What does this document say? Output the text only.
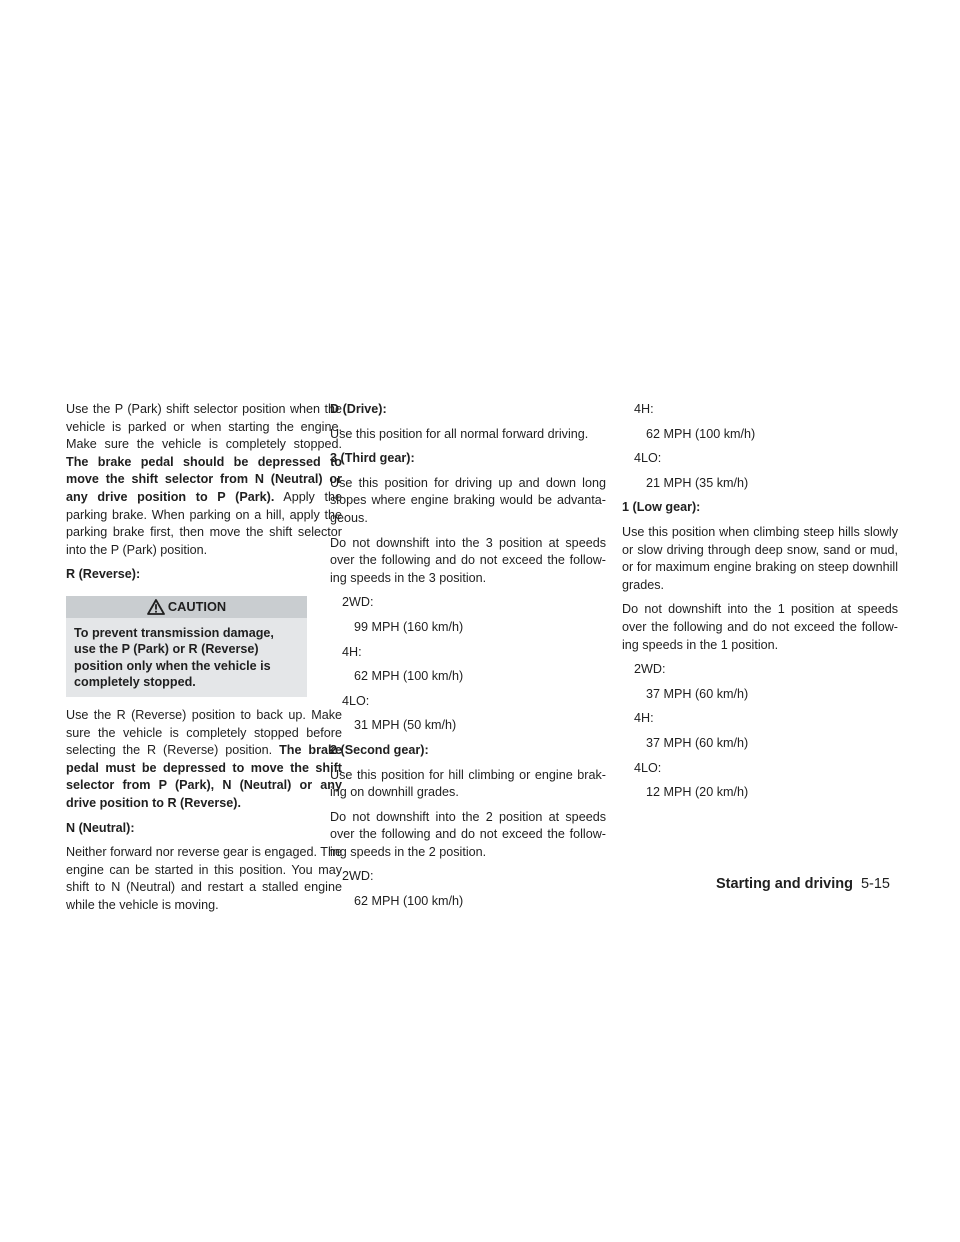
Use the P (Park) shift selector position when the vehicle is parked or when starting the engine. Make sure the vehicle is completely stopped. The brake pedal should be depressed to move the shift selector from N (Neutral) or any drive position to P (Park). Apply the parking brake. When parking on a hill, apply the parking brake first, then move the shift selector into the P (Park) position.

R (Reverse):

CAUTION
To prevent transmission damage, use the P (Park) or R (Reverse) position only when the vehicle is completely stopped.

Use the R (Reverse) position to back up. Make sure the vehicle is completely stopped before selecting the R (Reverse) position. The brake pedal must be depressed to move the shift selector from P (Park), N (Neutral) or any drive position to R (Reverse).

N (Neutral):

Neither forward nor reverse gear is engaged. The engine can be started in this position. You may shift to N (Neutral) and restart a stalled engine while the vehicle is moving.

D (Drive):

Use this position for all normal forward driving.

3 (Third gear):

Use this position for driving up and down long slopes where engine braking would be advanta-geous.

Do not downshift into the 3 position at speeds over the following and do not exceed the follow-ing speeds in the 3 position.

2WD:

99 MPH (160 km/h)

4H:

62 MPH (100 km/h)

4LO:

31 MPH (50 km/h)

2 (Second gear):

Use this position for hill climbing or engine brak-ing on downhill grades.

Do not downshift into the 2 position at speeds over the following and do not exceed the follow-ing speeds in the 2 position.

2WD:

62 MPH (100 km/h)

4H:

62 MPH (100 km/h)

4LO:

21 MPH (35 km/h)

1 (Low gear):

Use this position when climbing steep hills slowly or slow driving through deep snow, sand or mud, or for maximum engine braking on steep downhill grades.

Do not downshift into the 1 position at speeds over the following and do not exceed the follow-ing speeds in the 1 position.

2WD:

37 MPH (60 km/h)

4H:

37 MPH (60 km/h)

4LO:

12 MPH (20 km/h)

Starting and driving 5-15
